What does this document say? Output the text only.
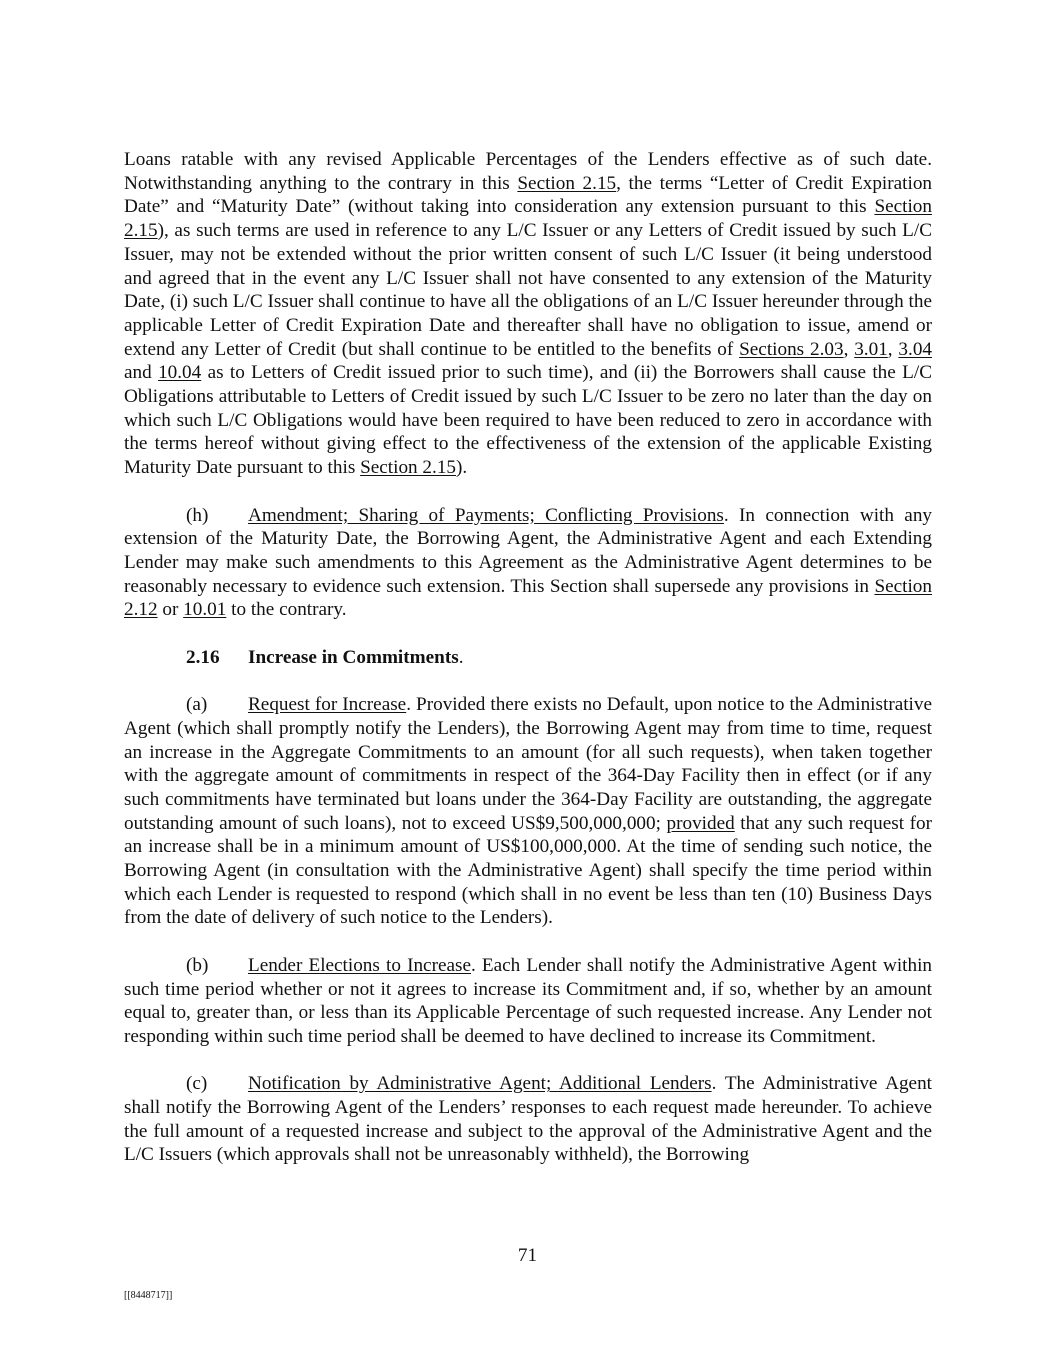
Loans ratable with any revised Applicable Percentages of the Lenders effective as of such date. Notwithstanding anything to the contrary in this Section 2.15, the terms “Letter of Credit Expiration Date” and “Maturity Date” (without taking into consideration any extension pursuant to this Section 2.15), as such terms are used in reference to any L/C Issuer or any Letters of Credit issued by such L/C Issuer, may not be extended without the prior written consent of such L/C Issuer (it being understood and agreed that in the event any L/C Issuer shall not have consented to any extension of the Maturity Date, (i) such L/C Issuer shall continue to have all the obligations of an L/C Issuer hereunder through the applicable Letter of Credit Expiration Date and thereafter shall have no obligation to issue, amend or extend any Letter of Credit (but shall continue to be entitled to the benefits of Sections 2.03, 3.01, 3.04 and 10.04 as to Letters of Credit issued prior to such time), and (ii) the Borrowers shall cause the L/C Obligations attributable to Letters of Credit issued by such L/C Issuer to be zero no later than the day on which such L/C Obligations would have been required to have been reduced to zero in accordance with the terms hereof without giving effect to the effectiveness of the extension of the applicable Existing Maturity Date pursuant to this Section 2.15).

(h) Amendment; Sharing of Payments; Conflicting Provisions. In connection with any extension of the Maturity Date, the Borrowing Agent, the Administrative Agent and each Extending Lender may make such amendments to this Agreement as the Administrative Agent determines to be reasonably necessary to evidence such extension. This Section shall supersede any provisions in Section 2.12 or 10.01 to the contrary.

2.16 Increase in Commitments.

(a) Request for Increase. Provided there exists no Default, upon notice to the Administrative Agent (which shall promptly notify the Lenders), the Borrowing Agent may from time to time, request an increase in the Aggregate Commitments to an amount (for all such requests), when taken together with the aggregate amount of commitments in respect of the 364-Day Facility then in effect (or if any such commitments have terminated but loans under the 364-Day Facility are outstanding, the aggregate outstanding amount of such loans), not to exceed US$9,500,000,000; provided that any such request for an increase shall be in a minimum amount of US$100,000,000. At the time of sending such notice, the Borrowing Agent (in consultation with the Administrative Agent) shall specify the time period within which each Lender is requested to respond (which shall in no event be less than ten (10) Business Days from the date of delivery of such notice to the Lenders).

(b) Lender Elections to Increase. Each Lender shall notify the Administrative Agent within such time period whether or not it agrees to increase its Commitment and, if so, whether by an amount equal to, greater than, or less than its Applicable Percentage of such requested increase. Any Lender not responding within such time period shall be deemed to have declined to increase its Commitment.

(c) Notification by Administrative Agent; Additional Lenders. The Administrative Agent shall notify the Borrowing Agent of the Lenders’ responses to each request made hereunder. To achieve the full amount of a requested increase and subject to the approval of the Administrative Agent and the L/C Issuers (which approvals shall not be unreasonably withheld), the Borrowing

71
[[8448717]]
